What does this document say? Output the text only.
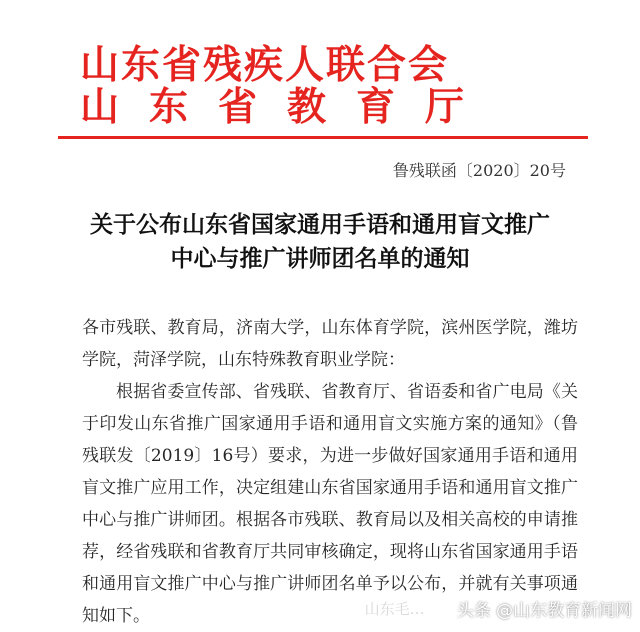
山东省残疾人联合会
山东省教育厅
鲁残联函〔2020〕20号
关于公布山东省国家通用手语和通用盲文推广
中心与推广讲师团名单的通知

各市残联、教育局，济南大学，山东体育学院，滨州医学院，潍坊学院，菏泽学院，山东特殊教育职业学院：

根据省委宣传部、省残联、省教育厅、省语委和省广电局《关于印发山东省推广国家通用手语和通用盲文实施方案的通知》（鲁残联发〔2019〕16号）要求，为进一步做好国家通用手语和通用盲文推广应用工作，决定组建山东省国家通用手语和通用盲文推广中心与推广讲师团。根据各市残联、教育局以及相关高校的申请推荐，经省残联和省教育厅共同审核确定，现将山东省国家通用手语和通用盲文推广中心与推广讲师团名单予以公布，并就有关事项通知如下。	山东毛… 头条 @山东教育新闻网
